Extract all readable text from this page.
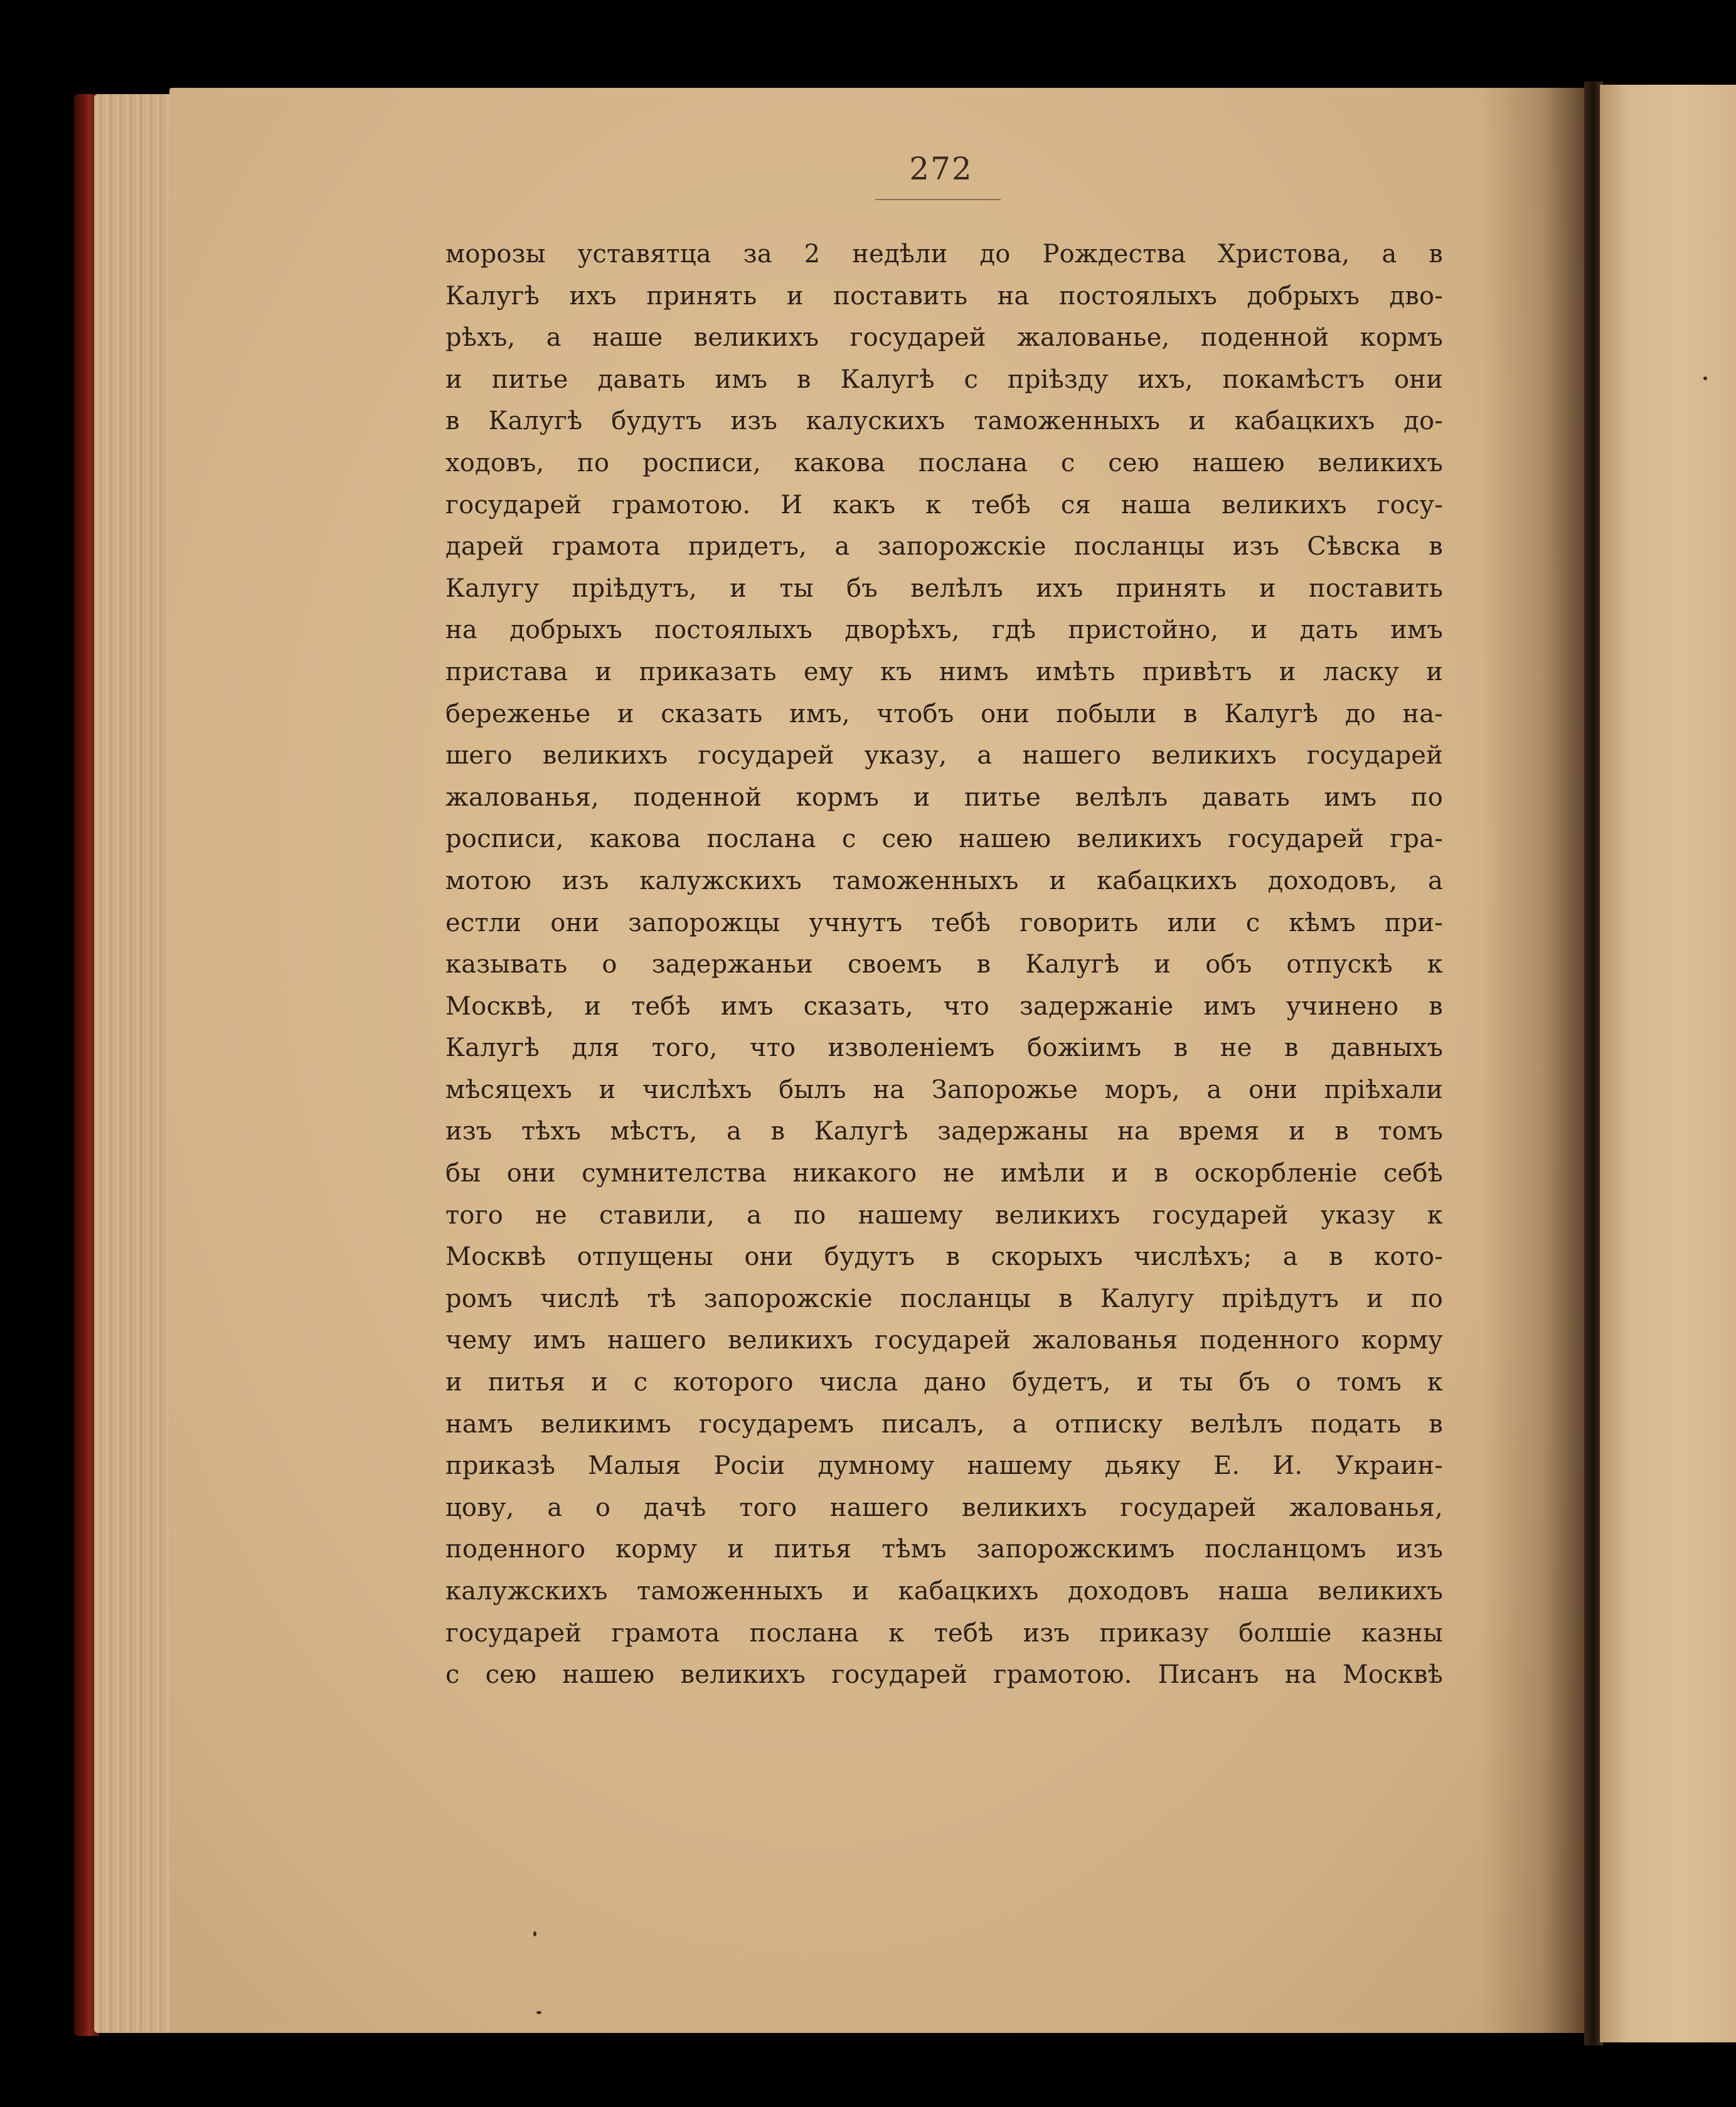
272
морозы уставятца за 2 недѣли до Рождества Христова, а в
Калугѣ ихъ принять и поставить на постоялыхъ добрыхъ дво-
рѣхъ, а наше великихъ государей жалованье, поденной кормъ
и питье давать имъ в Калугѣ с прiѣзду ихъ, покамѣстъ они
в Калугѣ будутъ изъ калускихъ таможенныхъ и кабацкихъ до-
ходовъ, по росписи, какова послана с сею нашею великихъ
государей грамотою. И какъ к тебѣ ся наша великихъ госу-
дарей грамота придетъ, а запорожскiе посланцы изъ Сѣвска в
Калугу прiѣдутъ, и ты бъ велѣлъ ихъ принять и поставить
на добрыхъ постоялыхъ дворѣхъ, гдѣ пристойно, и дать имъ
пристава и приказать ему къ нимъ имѣть привѣтъ и ласку и
береженье и сказать имъ, чтобъ они побыли в Калугѣ до на-
шего великихъ государей указу, а нашего великихъ государей
жалованья, поденной кормъ и питье велѣлъ давать имъ по
росписи, какова послана с сею нашею великихъ государей гра-
мотою изъ калужскихъ таможенныхъ и кабацкихъ доходовъ, а
естли они запорожцы учнутъ тебѣ говорить или с кѣмъ при-
казывать о задержаньи своемъ в Калугѣ и объ отпускѣ к
Москвѣ, и тебѣ имъ сказать, что задержанiе имъ учинено в
Калугѣ для того, что изволенiемъ божiимъ в не в давныхъ
мѣсяцехъ и числѣхъ былъ на Запорожье моръ, а они прiѣхали
изъ тѣхъ мѣстъ, а в Калугѣ задержаны на время и в томъ
бы они сумнителства никакого не имѣли и в оскорбленiе себѣ
того не ставили, а по нашему великихъ государей указу к
Москвѣ отпущены они будутъ в скорыхъ числѣхъ; а в кото-
ромъ числѣ тѣ запорожскiе посланцы в Калугу прiѣдутъ и по
чему имъ нашего великихъ государей жалованья поденного корму
и питья и с которого числа дано будетъ, и ты бъ о томъ к
намъ великимъ государемъ писалъ, а отписку велѣлъ подать в
приказѣ Малыя Росiи думному нашему дьяку Е. И. Украин-
цову, а о дачѣ того нашего великихъ государей жалованья,
поденного корму и питья тѣмъ запорожскимъ посланцомъ изъ
калужскихъ таможенныхъ и кабацкихъ доходовъ наша великихъ
государей грамота послана к тебѣ изъ приказу болшiе казны
с сею нашею великихъ государей грамотою. Писанъ на Москвѣ
